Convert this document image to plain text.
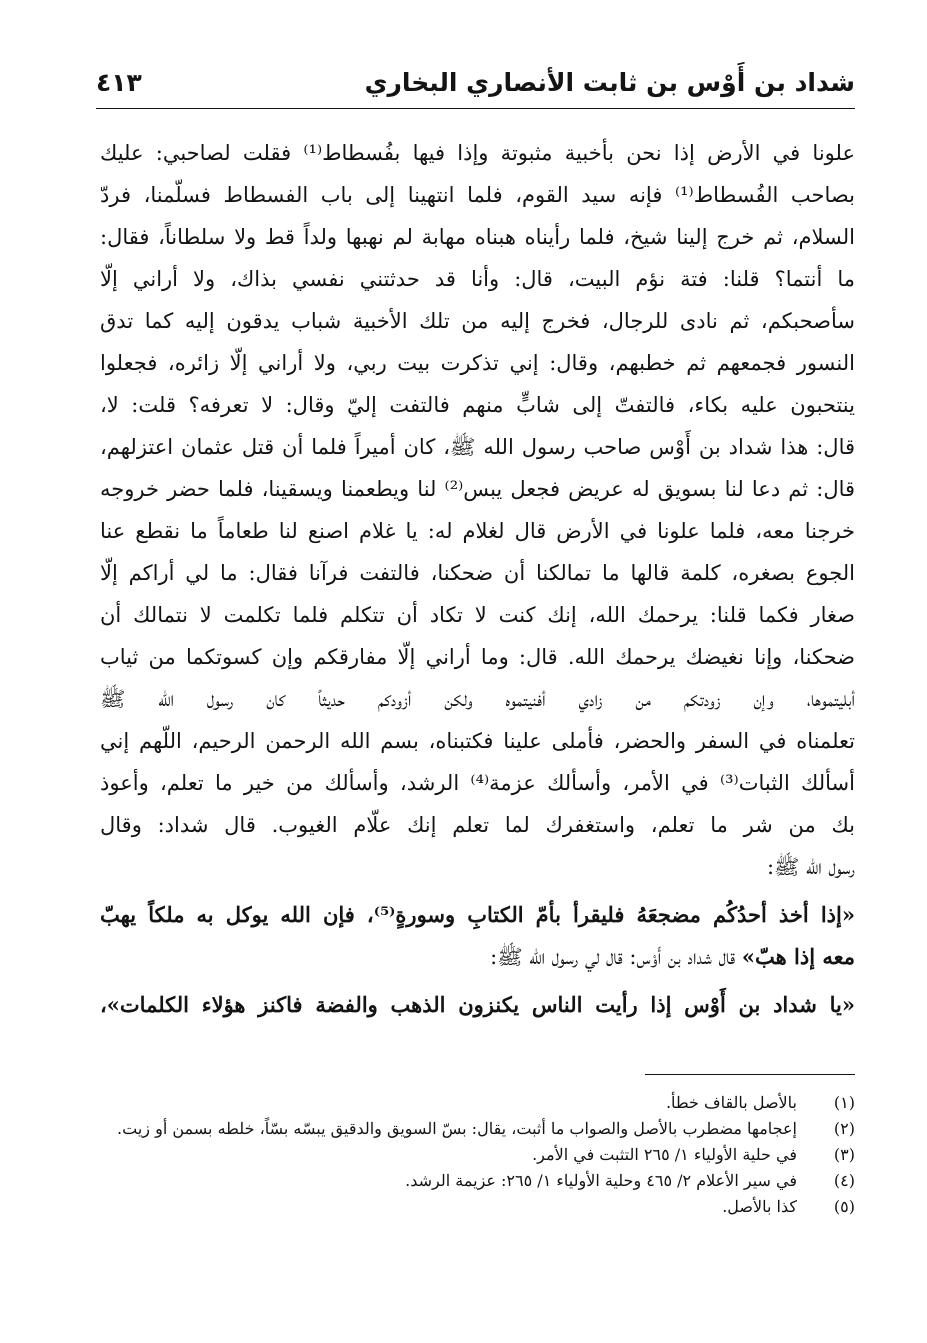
شداد بن أَوْس بن ثابت الأنصاري البخاري
٤١٣
علونا في الأرض إذا نحن بأخبية مثبوتة وإذا فيها بفُسطاط⁽¹⁾ فقلت لصاحبي: عليك
بصاحب الفُسطاط⁽¹⁾ فإنه سيد القوم، فلما انتهينا إلى باب الفسطاط فسلّمنا، فردّ
السلام، ثم خرج إلينا شيخ، فلما رأيناه هبناه مهابة لم نهبها ولداً قط ولا سلطاناً، فقال:
ما أنتما؟ قلنا: فتة نؤم البيت، قال: وأنا قد حدثتني نفسي بذاك، ولا أراني إلّا
سأصحبكم، ثم نادى للرجال، فخرج إليه من تلك الأخبية شباب يدقون إليه كما تدق
النسور فجمعهم ثم خطبهم، وقال: إني تذكرت بيت ربي، ولا أراني إلّا زائره، فجعلوا
ينتحبون عليه بكاء، فالتفتّ إلى شابٍّ منهم فالتفت إليّ وقال: لا تعرفه؟ قلت: لا،
قال: هذا شداد بن أَوْس صاحب رسول الله ﷺ، كان أميراً فلما أن قتل عثمان اعتزلهم،
قال: ثم دعا لنا بسويق له عريض فجعل يبس⁽²⁾ لنا ويطعمنا ويسقينا، فلما حضر خروجه
خرجنا معه، فلما علونا في الأرض قال لغلام له: يا غلام اصنع لنا طعاماً ما نقطع عنا
الجوع بصغره، كلمة قالها ما تمالكنا أن ضحكنا، فالتفت فرآنا فقال: ما لي أراكم إلّا
صغار فكما قلنا: يرحمك الله، إنك كنت لا تكاد أن تتكلم فلما تكلمت لا نتمالك أن
ضحكنا، وإنا نغيضك يرحمك الله. قال: وما أراني إلّا مفارقكم وإن كسوتكما من ثياب
أبليتموها، وإن زودتكم من زادي أفنيتموه ولكن أزودكم حديثاً كان رسول الله ﷺ
تعلمناه في السفر والحضر، فأملى علينا فكتبناه، بسم الله الرحمن الرحيم، اللّهم إني
أسألك الثبات⁽³⁾ في الأمر، وأسألك عزمة⁽⁴⁾ الرشد، وأسألك من خير ما تعلم، وأعوذ
بك من شر ما تعلم، واستغفرك لما تعلم إنك علّام الغيوب. قال شداد: وقال
رسول الله ﷺ:
«إذا أخذ أحدُكُم مضجعَهُ فليقرأ بأمّ الكتابِ وسورةٍ⁽⁵⁾، فإن الله يوكل به ملكاً يهبّ
معه إذا هبّ» قال شداد بن أَوْس: قال لي رسول الله ﷺ:
«يا شداد بن أَوْس إذا رأيت الناس يكنزون الذهب والفضة فاكنز هؤلاء الكلمات»،
(١)
بالأصل بالقاف خطأ.
(٢)
إعجامها مضطرب بالأصل والصواب ما أثبت، يقال: بسّ السويق والدقيق يبسّه بسّاً، خلطه بسمن أو زيت.
(٣)
في حلية الأولياء ١/ ٢٦٥ التثبت في الأمر.
(٤)
في سير الأعلام ٢/ ٤٦٥ وحلية الأولياء ١/ ٢٦٥: عزيمة الرشد.
(٥)
كذا بالأصل.
